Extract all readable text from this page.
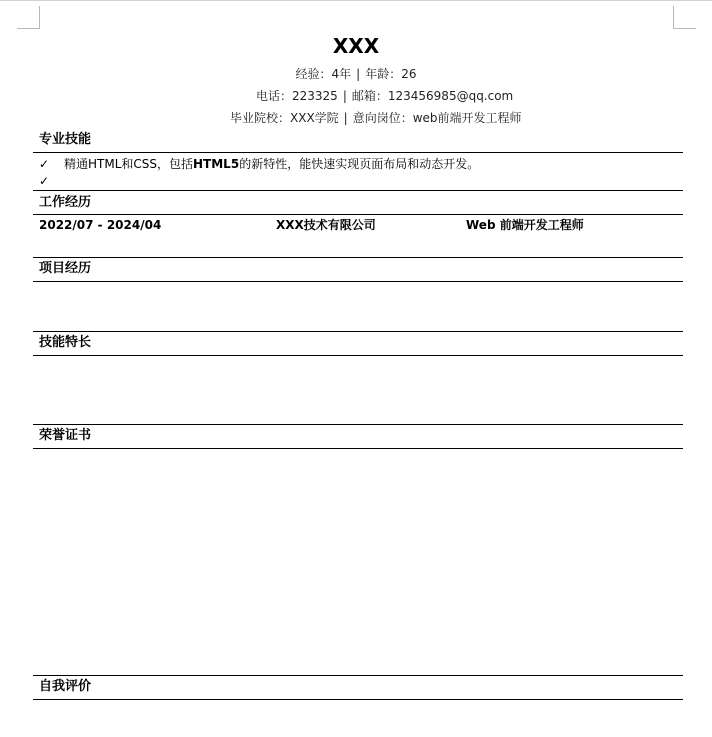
XXX
经验：4年 | 年龄：26
电话：223325 | 邮箱：123456985@qq.com
毕业院校：XXX学院 | 意向岗位：web前端开发工程师
专业技能
✓ 精通HTML和CSS，包括HTML5的新特性，能快速实现页面布局和动态开发。
✓
工作经历
2022/07 - 2024/04	XXX技术有限公司	Web 前端开发工程师
项目经历
技能特长
荣誉证书
自我评价
